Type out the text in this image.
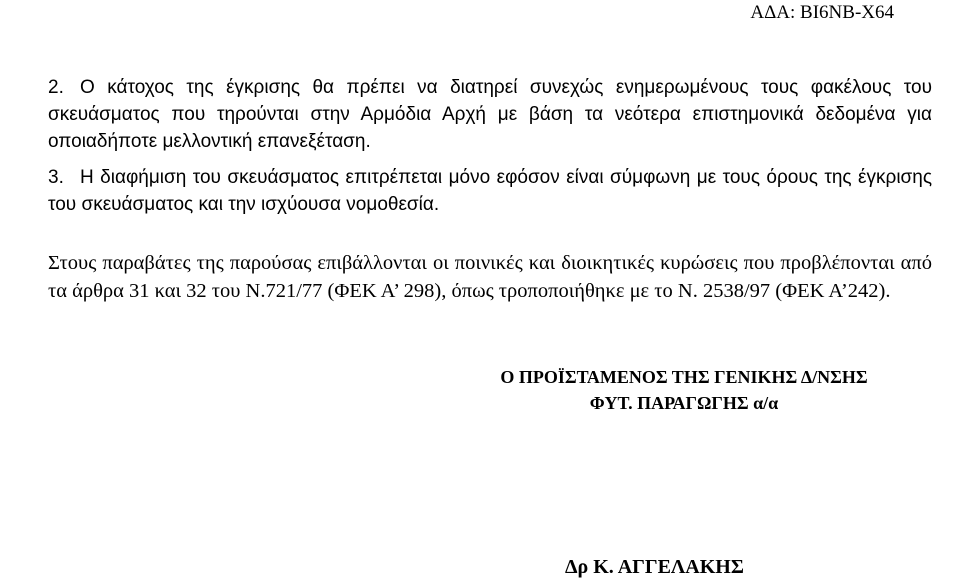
ΑΔΑ: ΒΙ6ΝΒ-Χ64
2. Ο κάτοχος της έγκρισης θα πρέπει να διατηρεί συνεχώς ενημερωμένους τους φακέλους του σκευάσματος που τηρούνται στην Αρμόδια Αρχή με βάση τα νεότερα επιστημονικά δεδομένα για οποιαδήποτε μελλοντική επανεξέταση.
3. Η διαφήμιση του σκευάσματος επιτρέπεται μόνο εφόσον είναι σύμφωνη με τους όρους της έγκρισης του σκευάσματος και την ισχύουσα νομοθεσία.
Στους παραβάτες της παρούσας επιβάλλονται οι ποινικές και διοικητικές κυρώσεις που προβλέπονται από τα άρθρα 31 και 32 του Ν.721/77 (ΦΕΚ Α’ 298), όπως τροποποιήθηκε με το Ν. 2538/97 (ΦΕΚ Α’242).
Ο ΠΡΟΪΣΤΑΜΕΝΟΣ ΤΗΣ ΓΕΝΙΚΗΣ Δ/ΝΣΗΣ
ΦΥΤ. ΠΑΡΑΓΩΓΗΣ α/α
Δρ Κ. ΑΓΓΕΛΑΚΗΣ
